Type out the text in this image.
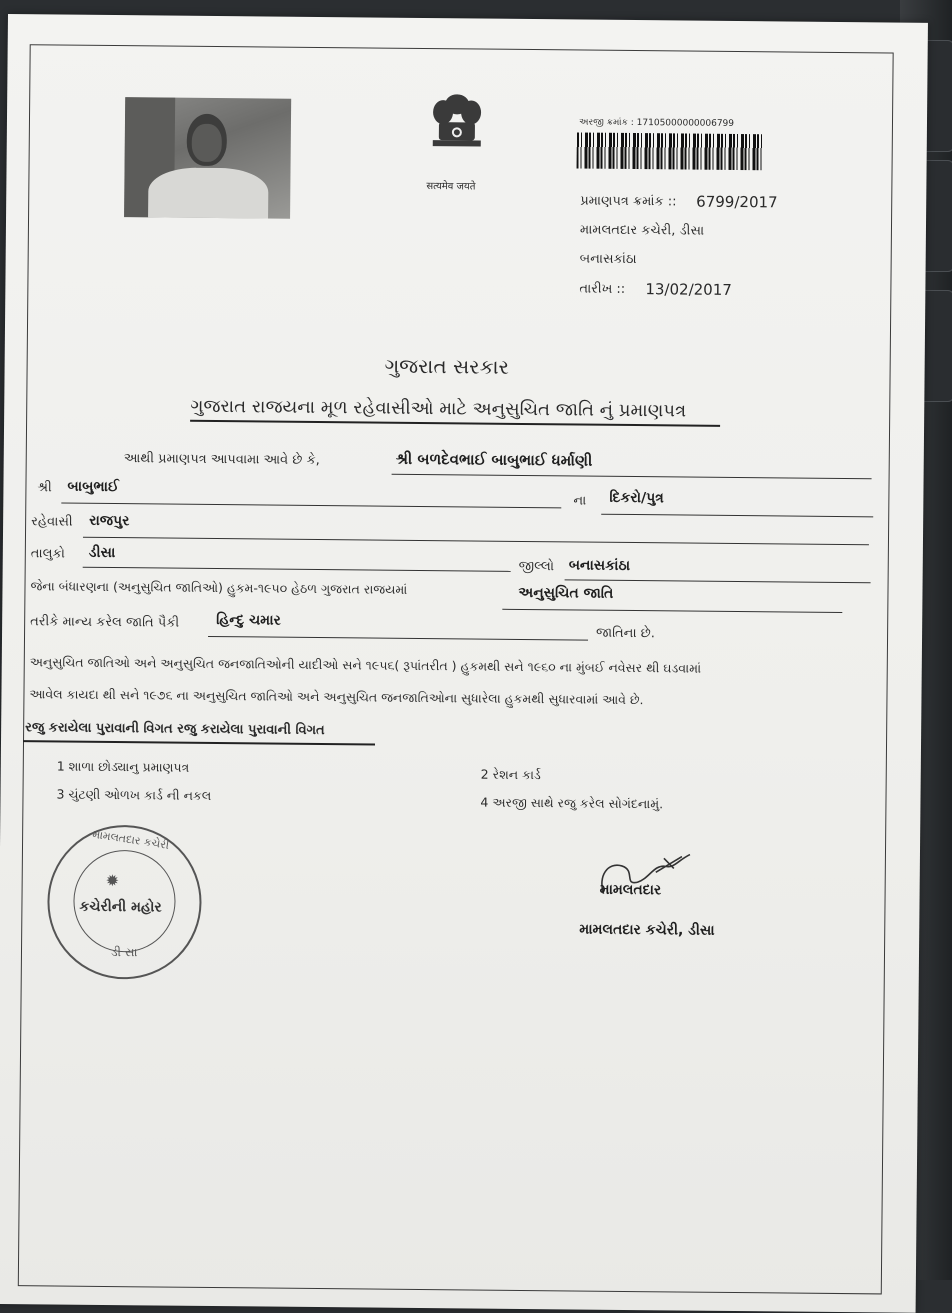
सत्यमेव जयते
અરજી ક્રમાંક : 17105000000006799
પ્રમાણપત્ર ક્રમાંક :: 6799/2017
મામલતદાર કચેરી, ડીસા
બનાસકાંઠા
તારીખ :: 13/02/2017
ગુજરાત સરકાર
ગુજરાત રાજયના મૂળ રહેવાસીઓ માટે અનુસુચિત જાતિ નું પ્રમાણપત્ર
આથી પ્રમાણપત્ર આપવામા આવે છે કે,	શ્રી બળદેવભાઈ બાબુભાઈ ધર્માણી
શ્રી બાબુભાઈ
ના દિકરો/પુત્ર
રહેવાસી રાજપુર
તાલુકો ડીસા
જીલ્લો બનાસકાંઠા
જેના બંધારણના (અનુસુચિત જાતિઓ) હુકમ-૧૯૫૦ હેઠળ ગુજરાત રાજયમાં	અનુસુચિત જાતિ
તરીકે માન્ય કરેલ જાતિ પૈકી	હિન્દુ ચમાર
જાતિના છે.
અનુસુચિત જાતિઓ અને અનુસુચિત જનજાતિઓની યાદીઓ સને ૧૯૫૬( રૂપાંતરીત ) હુકમથી સને ૧૯૬૦ ના મુંબઈ નવેસર થી ઘડવામાં
આવેલ કાયદા થી સને ૧૯૭૬ ના અનુસુચિત જાતિઓ અને અનુસુચિત જનજાતિઓના સુધારેલા હુકમથી સુધારવામાં આવે છે.
રજુ કરાયેલા પુરાવાની વિગત રજુ કરાયેલા પુરાવાની વિગત
1 શાળા છોડ્યાનુ પ્રમાણપત્ર	2 રેશન કાર્ડ
3 ચુંટણી ઓળખ કાર્ડ ની નકલ	4 અરજી સાથે રજુ કરેલ સોગંદનામું.
મામલતદાર કચેરી
✹
કચેરીની મહોર
ડી સા
મામલતદાર
મામલતદાર કચેરી, ડીસા
